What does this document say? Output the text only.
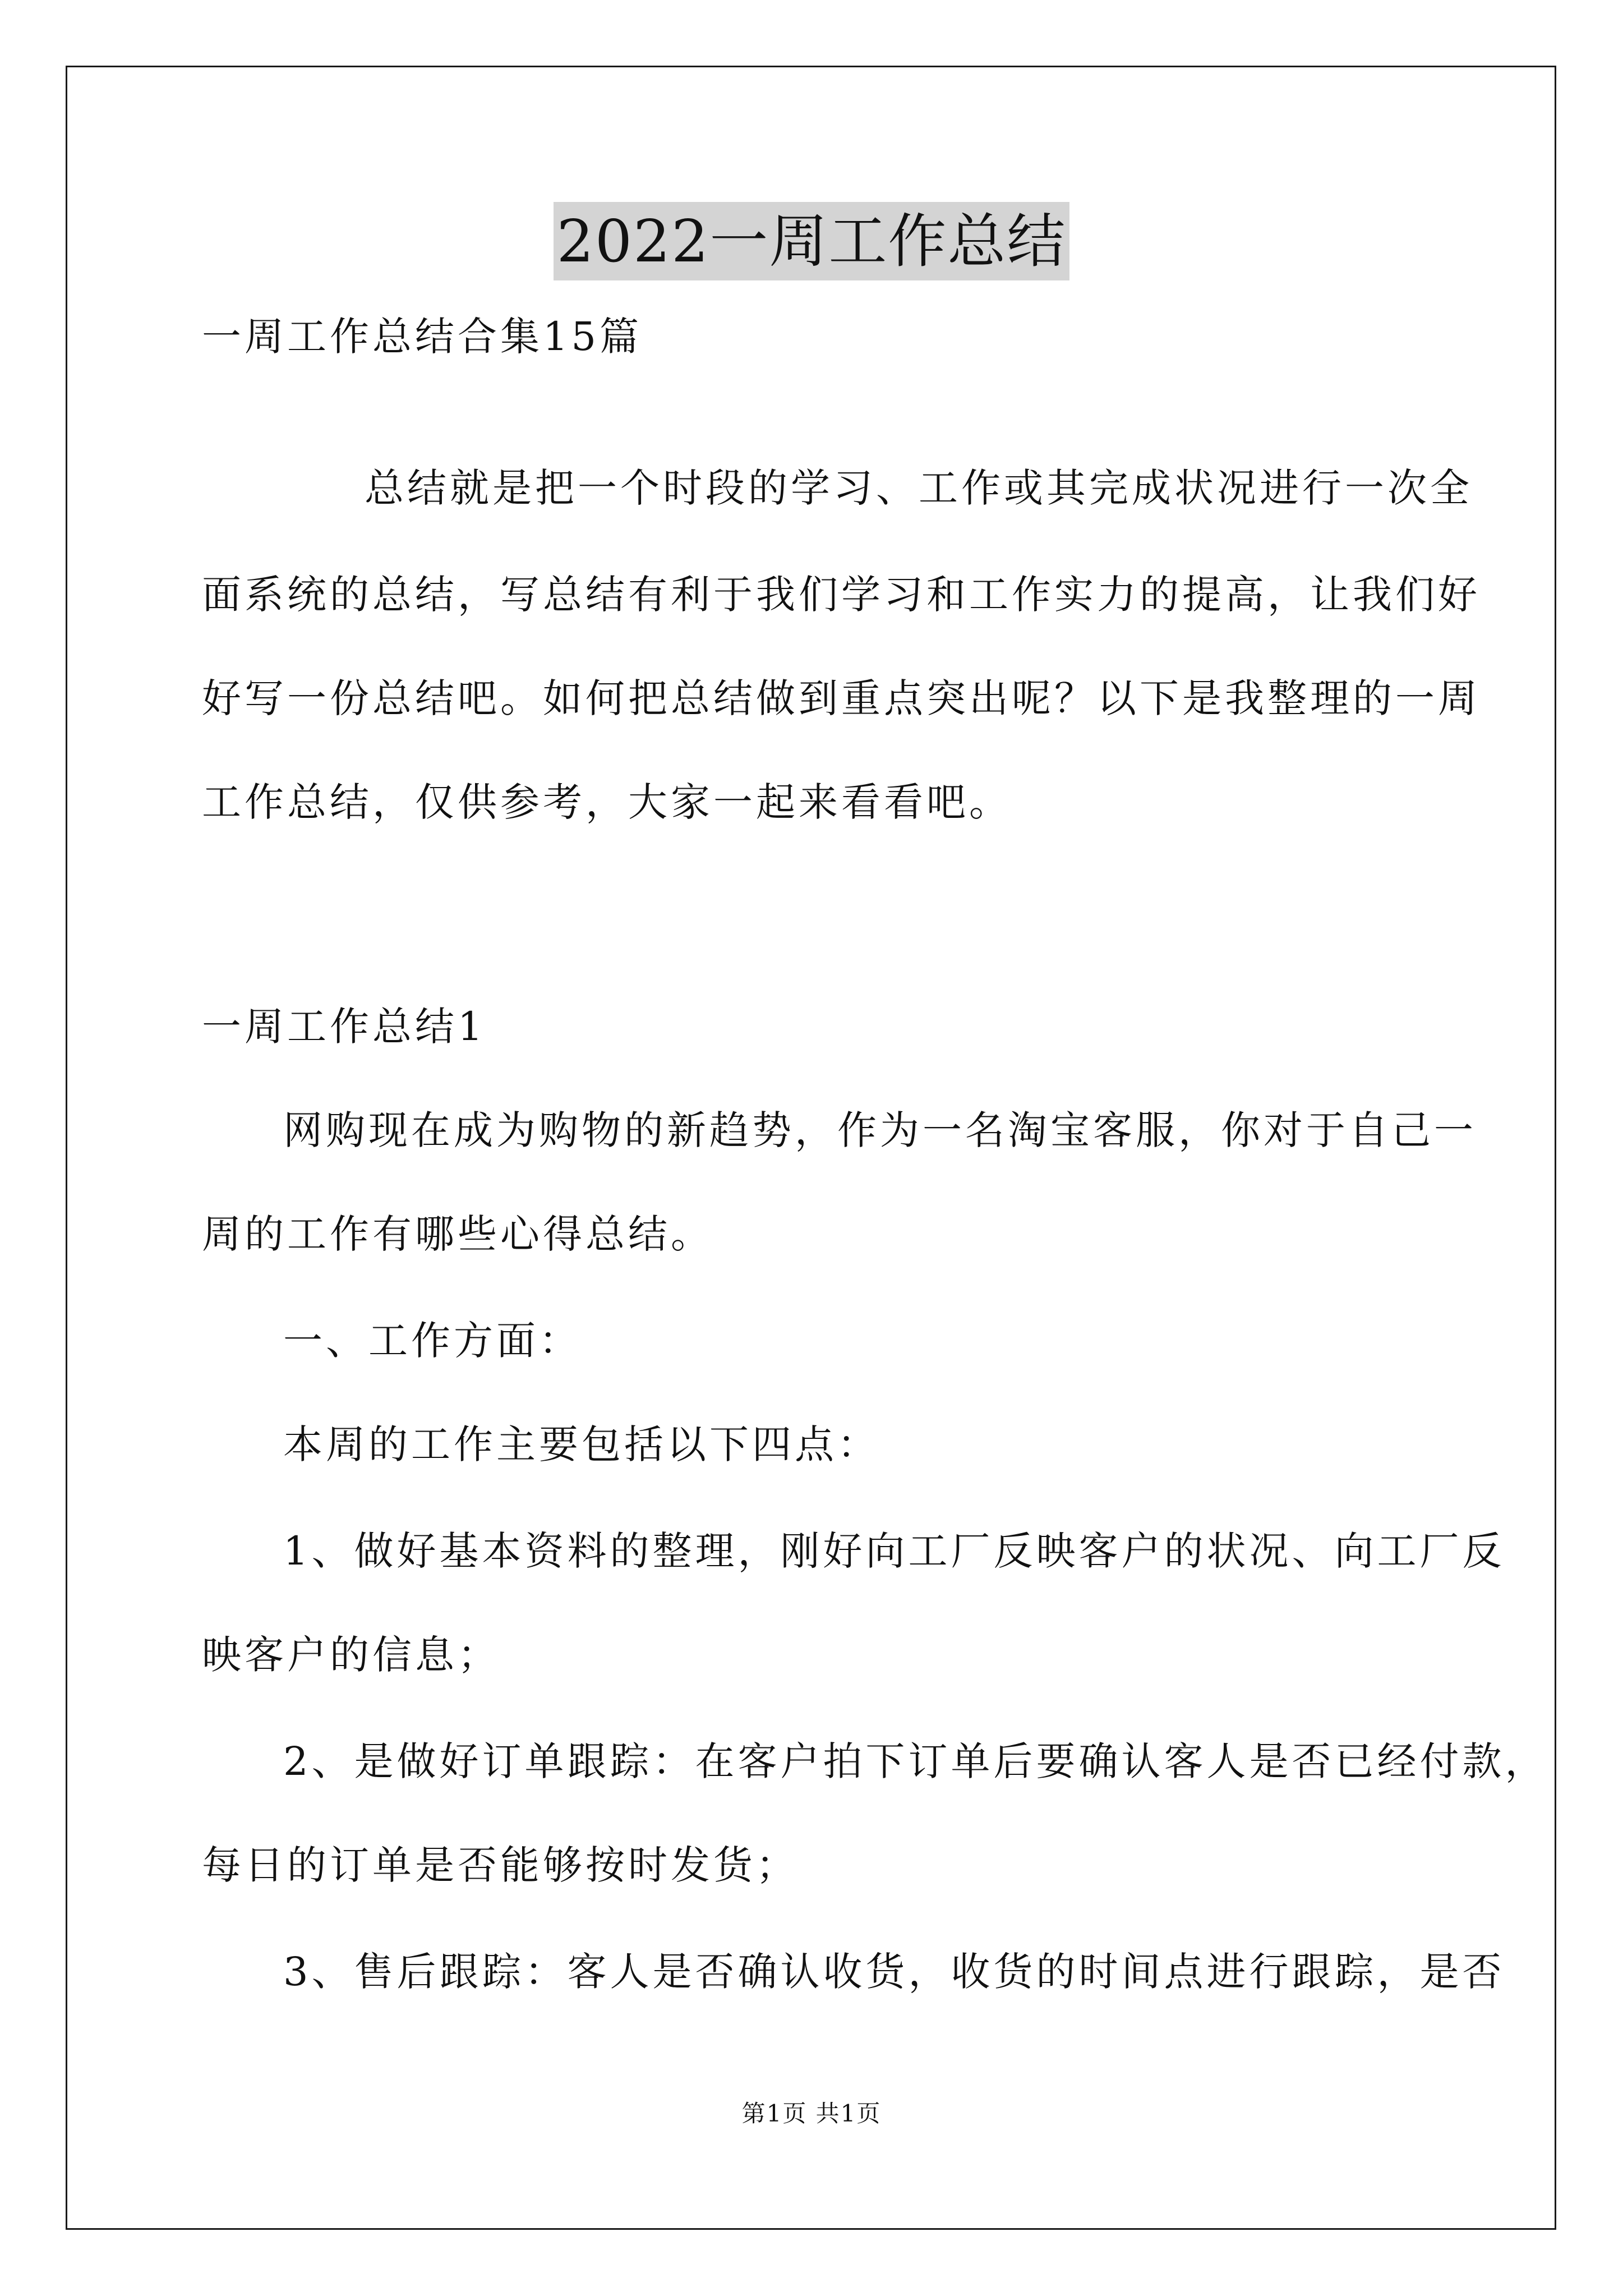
2022一周工作总结
一周工作总结合集15篇
总结就是把一个时段的学习、工作或其完成状况进行一次全
面系统的总结，写总结有利于我们学习和工作实力的提高，让我们好
好写一份总结吧。如何把总结做到重点突出呢？以下是我整理的一周
工作总结，仅供参考，大家一起来看看吧。
一周工作总结1
网购现在成为购物的新趋势，作为一名淘宝客服，你对于自己一
周的工作有哪些心得总结。
一、工作方面：
本周的工作主要包括以下四点：
1、做好基本资料的整理，刚好向工厂反映客户的状况、向工厂反
映客户的信息；
2、是做好订单跟踪：在客户拍下订单后要确认客人是否已经付款，
每日的订单是否能够按时发货；
3、售后跟踪：客人是否确认收货，收货的时间点进行跟踪，是否
第1页 共1页
